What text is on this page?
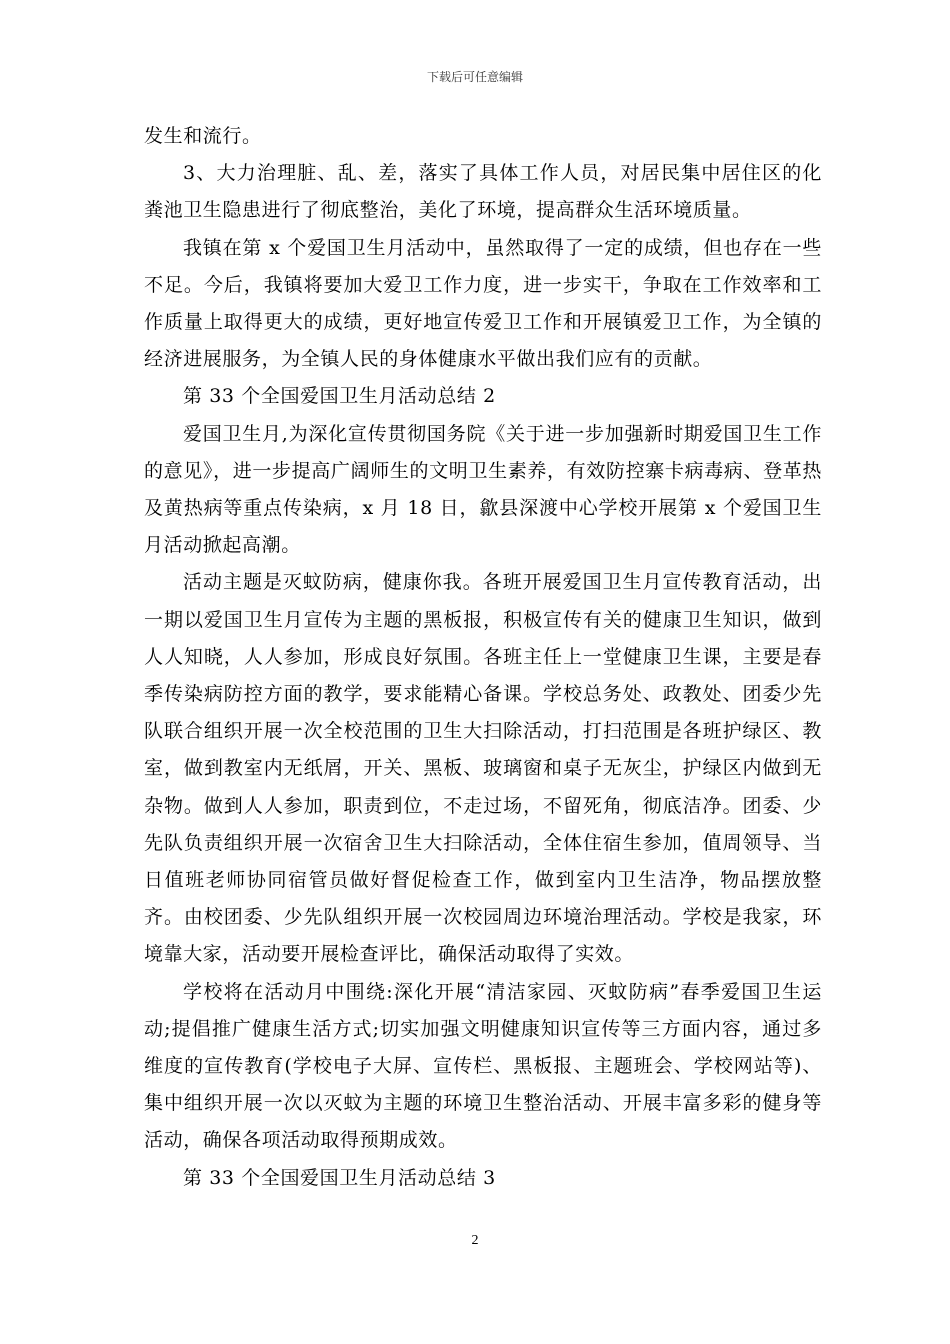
下载后可任意编辑

发生和流行。

3、大力治理脏、乱、差，落实了具体工作人员，对居民集中居住区的化粪池卫生隐患进行了彻底整治，美化了环境，提高群众生活环境质量。

我镇在第 x 个爱国卫生月活动中，虽然取得了一定的成绩，但也存在一些不足。今后，我镇将要加大爱卫工作力度，进一步实干，争取在工作效率和工作质量上取得更大的成绩，更好地宣传爱卫工作和开展镇爱卫工作，为全镇的经济进展服务，为全镇人民的身体健康水平做出我们应有的贡献。

第 33 个全国爱国卫生月活动总结 2

爱国卫生月,为深化宣传贯彻国务院《关于进一步加强新时期爱国卫生工作的意见》，进一步提高广阔师生的文明卫生素养，有效防控寨卡病毒病、登革热及黄热病等重点传染病，x 月 18 日，歙县深渡中心学校开展第 x 个爱国卫生月活动掀起高潮。

活动主题是灭蚊防病，健康你我。各班开展爱国卫生月宣传教育活动，出一期以爱国卫生月宣传为主题的黑板报，积极宣传有关的健康卫生知识，做到人人知晓，人人参加，形成良好氛围。各班主任上一堂健康卫生课，主要是春季传染病防控方面的教学，要求能精心备课。学校总务处、政教处、团委少先队联合组织开展一次全校范围的卫生大扫除活动，打扫范围是各班护绿区、教室，做到教室内无纸屑，开关、黑板、玻璃窗和桌子无灰尘，护绿区内做到无杂物。做到人人参加，职责到位，不走过场，不留死角，彻底洁净。团委、少先队负责组织开展一次宿舍卫生大扫除活动，全体住宿生参加，值周领导、当日值班老师协同宿管员做好督促检查工作，做到室内卫生洁净，物品摆放整齐。由校团委、少先队组织开展一次校园周边环境治理活动。学校是我家，环境靠大家，活动要开展检查评比，确保活动取得了实效。

学校将在活动月中围绕:深化开展“清洁家园、灭蚊防病”春季爱国卫生运动;提倡推广健康生活方式;切实加强文明健康知识宣传等三方面内容，通过多维度的宣传教育(学校电子大屏、宣传栏、黑板报、主题班会、学校网站等)、集中组织开展一次以灭蚊为主题的环境卫生整治活动、开展丰富多彩的健身等活动，确保各项活动取得预期成效。

第 33 个全国爱国卫生月活动总结 3

2
